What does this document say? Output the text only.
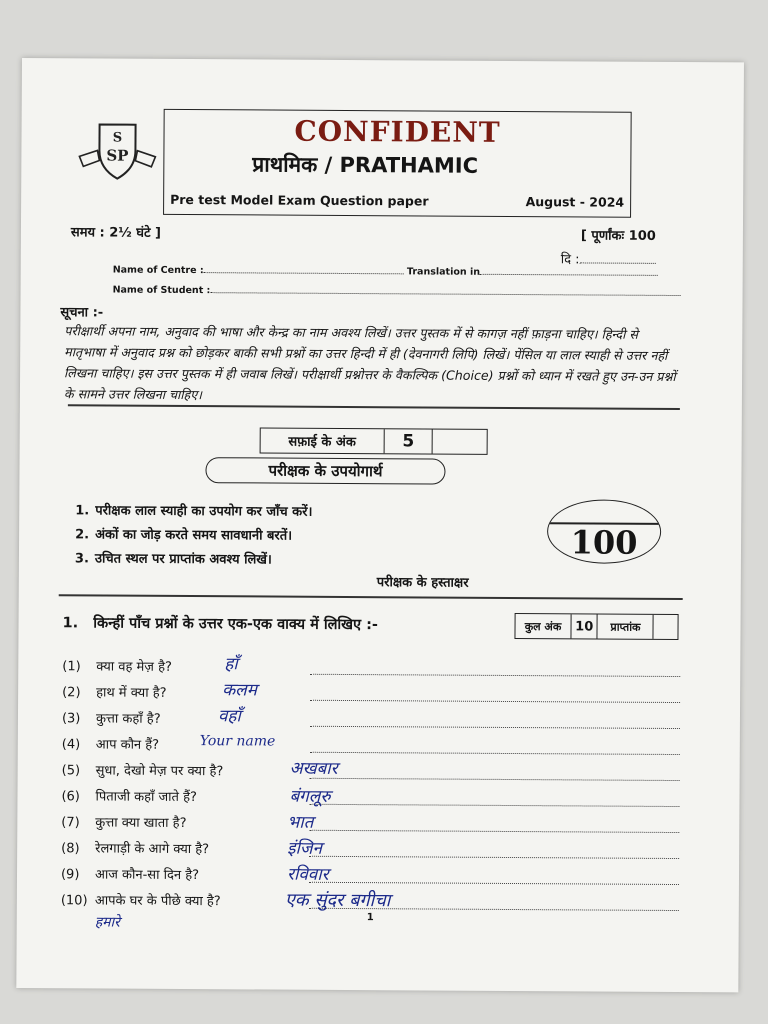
S
SP
CONFIDENT
प्राथमिक / PRATHAMIC
Pre test Model Exam Question paper	August - 2024
समय : 2½ घंटे ]	[ पूर्णांकः 100
दि :
Name of Centre :	Translation in
Name of Student :
सूचना :-
परीक्षार्थी अपना नाम, अनुवाद की भाषा और केन्द्र का नाम अवश्य लिखें। उत्तर पुस्तक में से कागज़ नहीं फ़ाड़ना चाहिए। हिन्दी से मातृभाषा में अनुवाद प्रश्न को छोड़कर बाकी सभी प्रश्नों का उत्तर हिन्दी में ही (देवनागरी लिपि) लिखें। पेंसिल या लाल स्याही से उत्तर नहीं लिखना चाहिए। इस उत्तर पुस्तक में ही जवाब लिखें। परीक्षार्थी प्रश्नोत्तर के वैकल्पिक (Choice) प्रश्नों को ध्यान में रखते हुए उन-उन प्रश्नों के सामने उत्तर लिखना चाहिए।
सफ़ाई के अंक	5
परीक्षक के उपयोगार्थ
1. परीक्षक लाल स्याही का उपयोग कर जाँच करें।
2. अंकों का जोड़ करते समय सावधानी बरतें।
3. उचित स्थल पर प्राप्तांक अवश्य लिखें।	100
परीक्षक के हस्ताक्षर
1. किन्हीं पाँच प्रश्नों के उत्तर एक-एक वाक्य में लिखिए :-	कुल अंक	10	प्राप्तांक
(1) क्या वह मेज़ है?	हाँ
(2) हाथ में क्या है?	कलम
(3) कुत्ता कहाँ है?	वहाँ
(4) आप कौन हैं?	Your name
(5) सुधा, देखो मेज़ पर क्या है?	अखबार
(6) पिताजी कहाँ जाते हैं?	बंगलूरु
(7) कुत्ता क्या खाता है?	भात
(8) रेलगाड़ी के आगे क्या है?	इंजिन
(9) आज कौन-सा दिन है?	रविवार
(10) आपके घर के पीछे क्या है?	एक सुंदर बगीचा
हमारे	1
